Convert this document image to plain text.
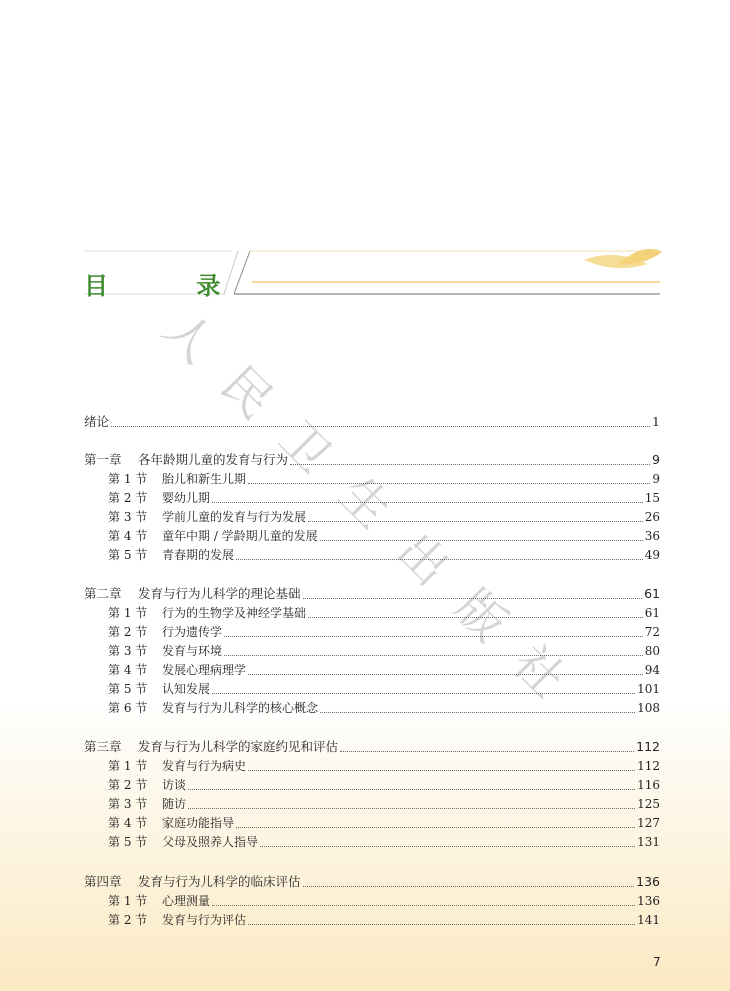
目 录
人
民
卫
生
出
版
社
绪论	1
第一章	各年龄期儿童的发育与行为	9
第 1 节	胎儿和新生儿期	9
第 2 节	婴幼儿期	15
第 3 节	学前儿童的发育与行为发展	26
第 4 节	童年中期 / 学龄期儿童的发展	36
第 5 节	青春期的发展	49
第二章	发育与行为儿科学的理论基础	61
第 1 节	行为的生物学及神经学基础	61
第 2 节	行为遗传学	72
第 3 节	发育与环境	80
第 4 节	发展心理病理学	94
第 5 节	认知发展	101
第 6 节	发育与行为儿科学的核心概念	108
第三章	发育与行为儿科学的家庭约见和评估	112
第 1 节	发育与行为病史	112
第 2 节	访谈	116
第 3 节	随访	125
第 4 节	家庭功能指导	127
第 5 节	父母及照养人指导	131
第四章	发育与行为儿科学的临床评估	136
第 1 节	心理测量	136
第 2 节	发育与行为评估	141
7
